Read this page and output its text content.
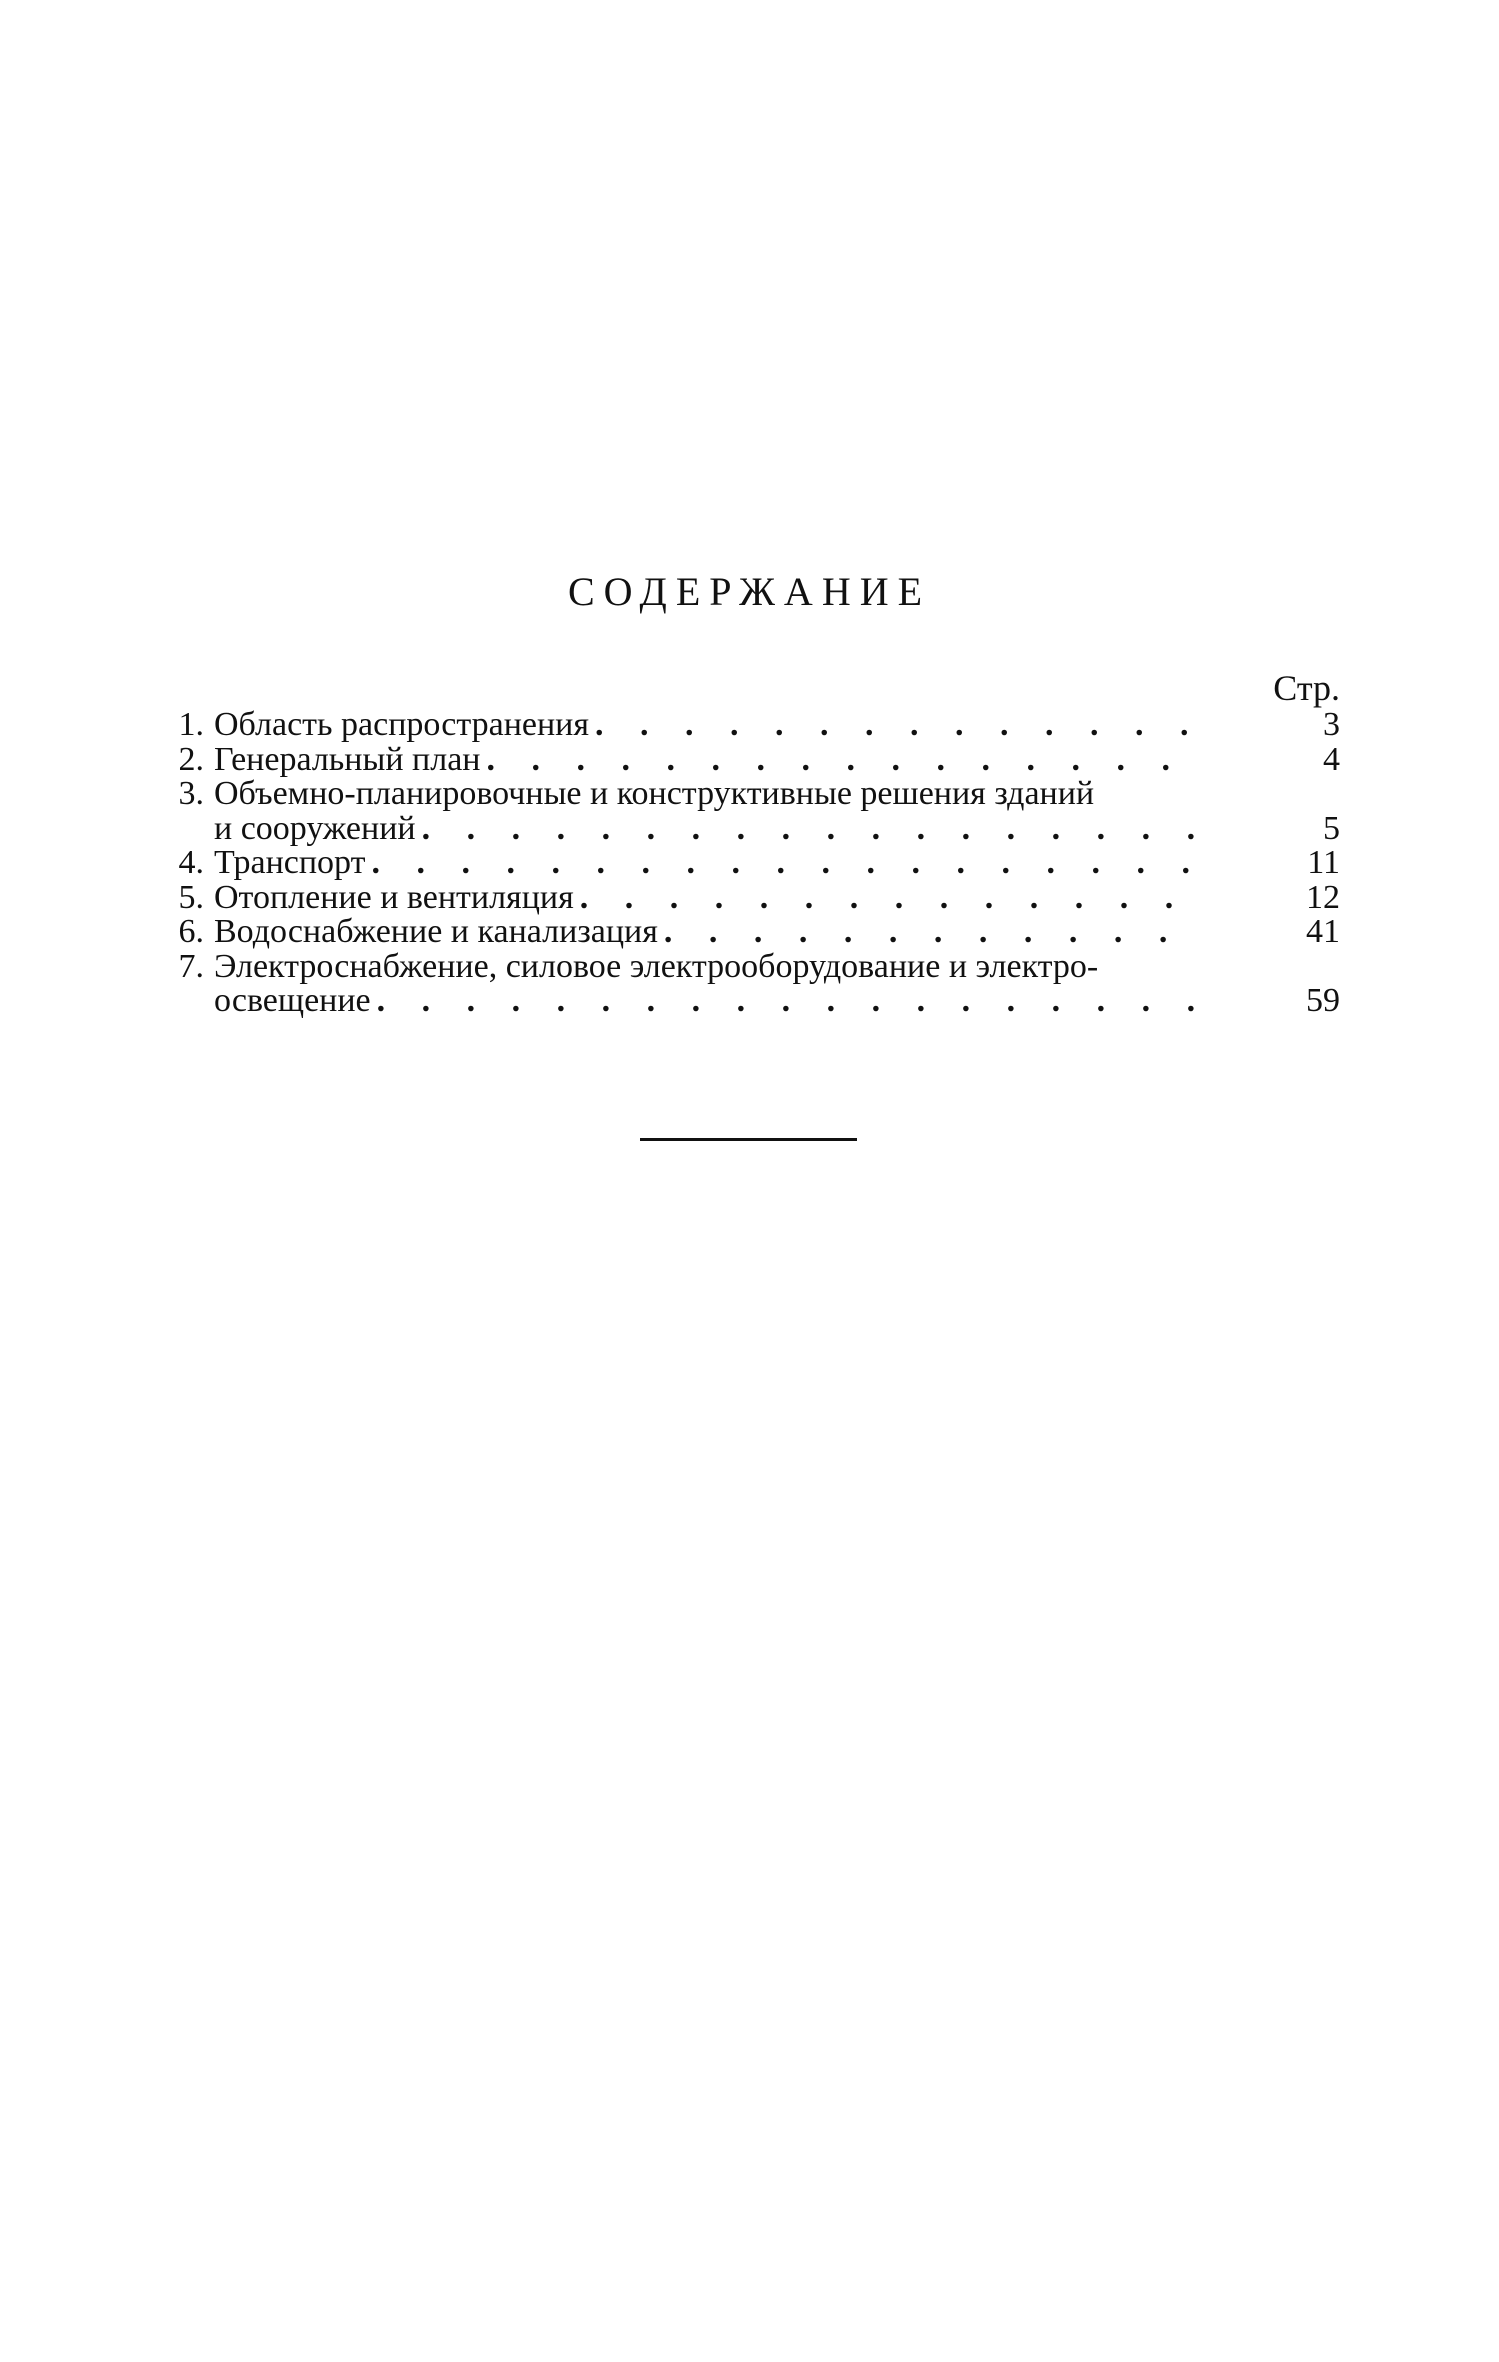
СОДЕРЖАНИЕ
Стр.
1. Область распространения . . .	3
2. Генеральный план . . .	4
3. Объемно-планировочные и конструктивные решения зданий
и сооружений . . .	5
4. Транспорт . . .	11
5. Отопление и вентиляция . . .	12
6. Водоснабжение и канализация . . .	41
7. Электроснабжение, силовое электрооборудование и электро-
освещение . . .	59
